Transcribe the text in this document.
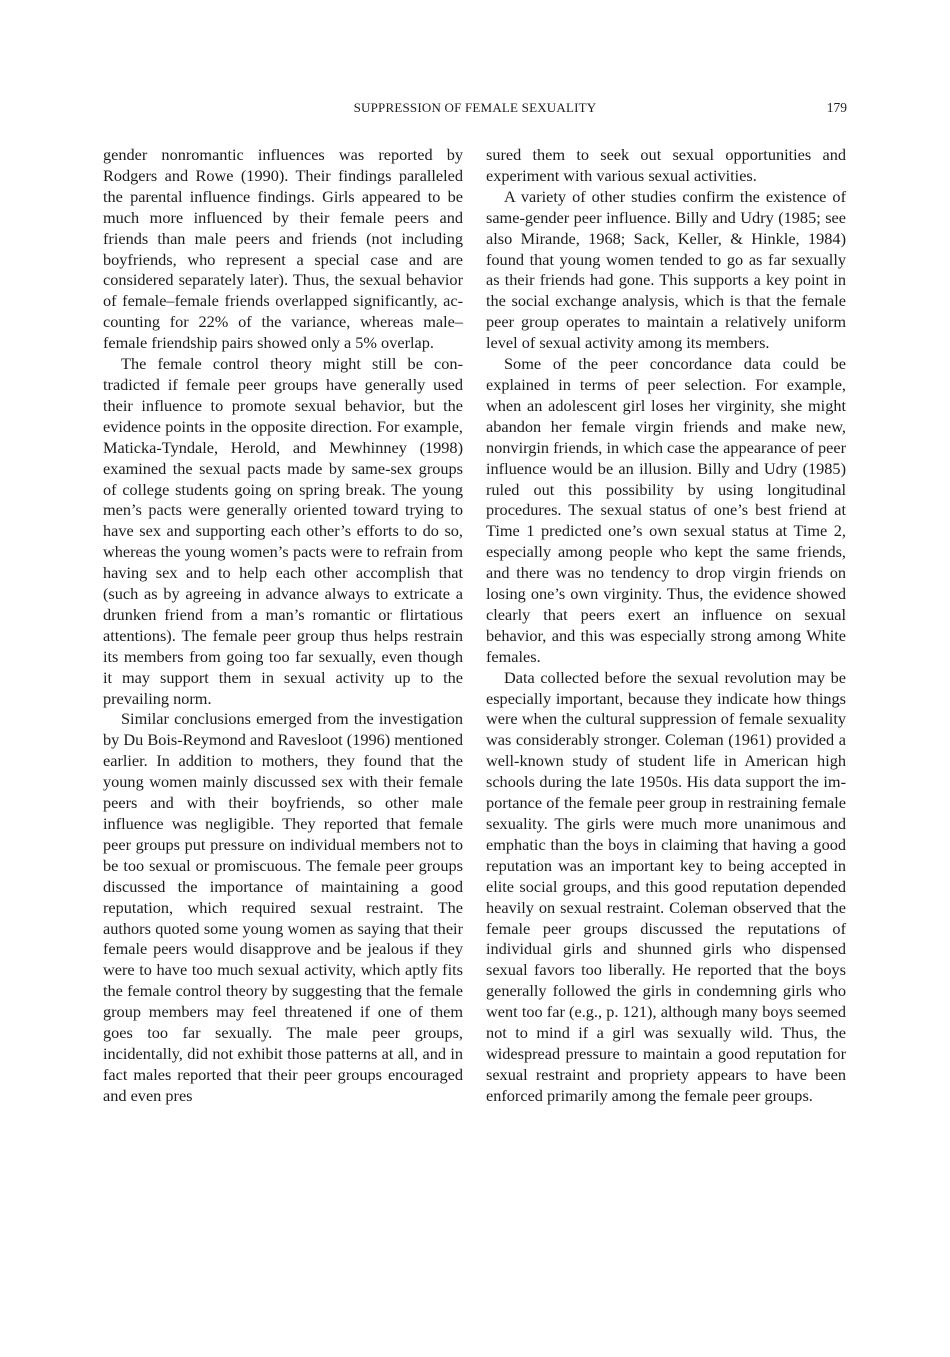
SUPPRESSION OF FEMALE SEXUALITY	179

gender nonromantic influences was reported by Rodgers and Rowe (1990). Their findings paralleled the parental influence findings. Girls appeared to be much more influenced by their female peers and friends than male peers and friends (not including boyfriends, who represent a special case and are considered separately later). Thus, the sexual behavior of female–female friends overlapped significantly, accounting for 22% of the variance, whereas male–female friendship pairs showed only a 5% overlap.

The female control theory might still be contradicted if female peer groups have generally used their influence to promote sexual behavior, but the evidence points in the opposite direction. For example, Maticka-Tyndale, Herold, and Mewhinney (1998) examined the sexual pacts made by same-sex groups of college students going on spring break. The young men’s pacts were generally oriented toward trying to have sex and supporting each other’s efforts to do so, whereas the young women’s pacts were to refrain from having sex and to help each other accomplish that (such as by agreeing in advance always to extricate a drunken friend from a man’s romantic or flirtatious attentions). The female peer group thus helps restrain its members from going too far sexually, even though it may support them in sexual activity up to the prevailing norm.

Similar conclusions emerged from the investigation by Du Bois-Reymond and Ravesloot (1996) mentioned earlier. In addition to mothers, they found that the young women mainly discussed sex with their female peers and with their boyfriends, so other male influence was negligible. They reported that female peer groups put pressure on individual members not to be too sexual or promiscuous. The female peer groups discussed the importance of maintaining a good reputation, which required sexual restraint. The authors quoted some young women as saying that their female peers would disapprove and be jealous if they were to have too much sexual activity, which aptly fits the female control theory by suggesting that the female group members may feel threatened if one of them goes too far sexually. The male peer groups, incidentally, did not exhibit those patterns at all, and in fact males reported that their peer groups encouraged and even pres

sured them to seek out sexual opportunities and experiment with various sexual activities.

A variety of other studies confirm the existence of same-gender peer influence. Billy and Udry (1985; see also Mirande, 1968; Sack, Keller, & Hinkle, 1984) found that young women tended to go as far sexually as their friends had gone. This supports a key point in the social exchange analysis, which is that the female peer group operates to maintain a relatively uniform level of sexual activity among its members.

Some of the peer concordance data could be explained in terms of peer selection. For example, when an adolescent girl loses her virginity, she might abandon her female virgin friends and make new, nonvirgin friends, in which case the appearance of peer influence would be an illusion. Billy and Udry (1985) ruled out this possibility by using longitudinal procedures. The sexual status of one’s best friend at Time 1 predicted one’s own sexual status at Time 2, especially among people who kept the same friends, and there was no tendency to drop virgin friends on losing one’s own virginity. Thus, the evidence showed clearly that peers exert an influence on sexual behavior, and this was especially strong among White females.

Data collected before the sexual revolution may be especially important, because they indicate how things were when the cultural suppression of female sexuality was considerably stronger. Coleman (1961) provided a well-known study of student life in American high schools during the late 1950s. His data support the importance of the female peer group in restraining female sexuality. The girls were much more unanimous and emphatic than the boys in claiming that having a good reputation was an important key to being accepted in elite social groups, and this good reputation depended heavily on sexual restraint. Coleman observed that the female peer groups discussed the reputations of individual girls and shunned girls who dispensed sexual favors too liberally. He reported that the boys generally followed the girls in condemning girls who went too far (e.g., p. 121), although many boys seemed not to mind if a girl was sexually wild. Thus, the widespread pressure to maintain a good reputation for sexual restraint and propriety appears to have been enforced primarily among the female peer groups.
